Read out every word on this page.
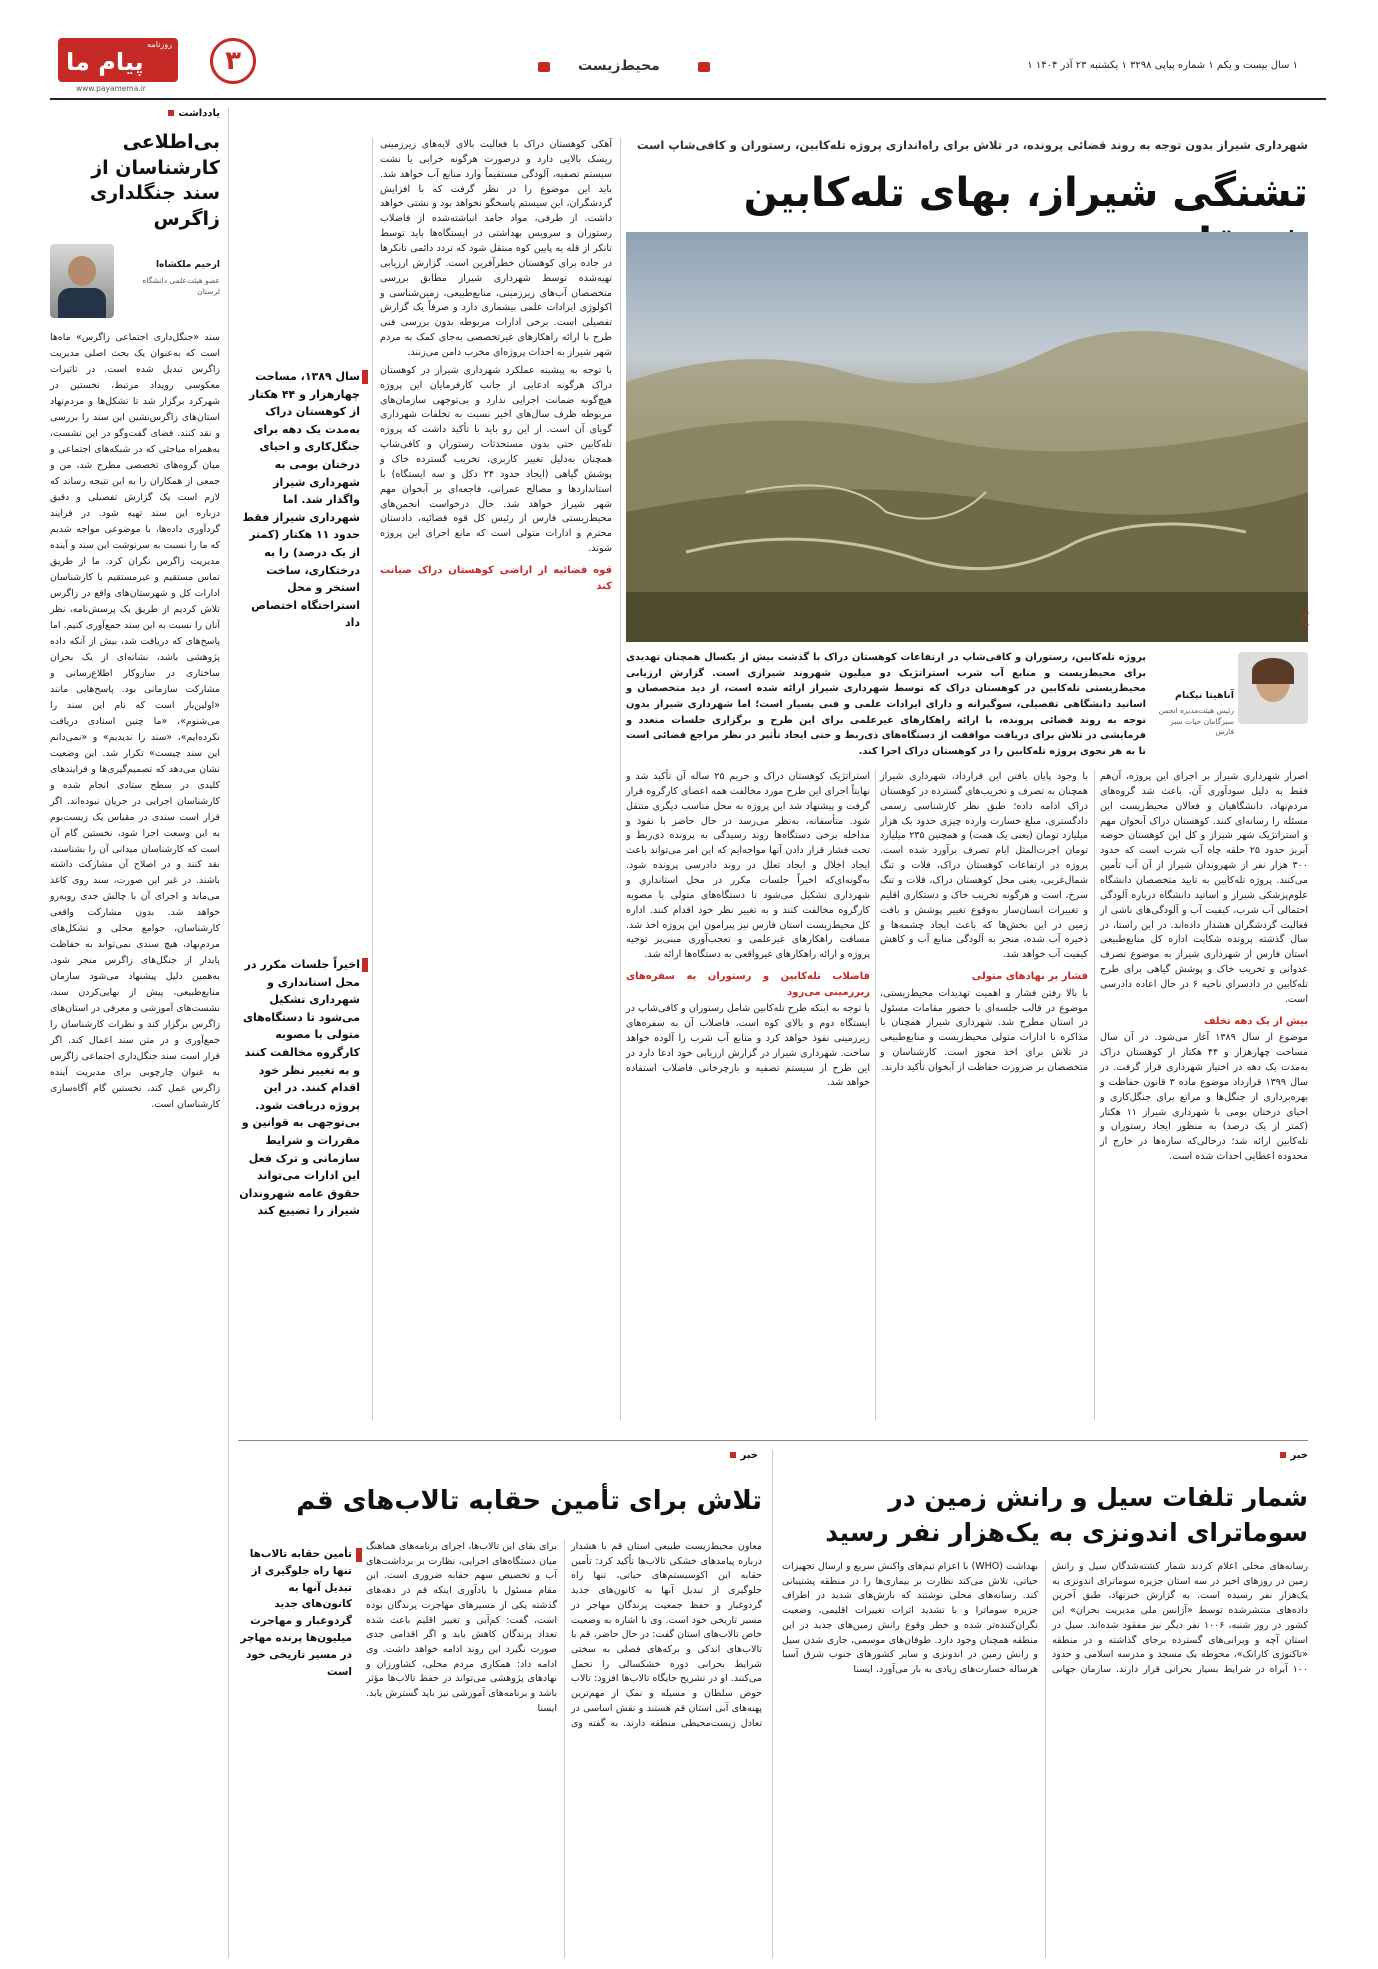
روزنامه
پیام ما
www.payamema.ir
۳	محیط‌زیست	۱ سال بیست و یکم ۱ شماره پیاپی ۳۲۹۸ ۱ یکشنبه ۲۳ آذر ۱۴۰۴ ۱
یادداشت
بی‌اطلاعی کارشناسان از سند جنگلداری زاگرس
ارحیم ملکشاه‌ا
عضو هیئت‌علمی دانشگاه لرستان
سند «جنگل‌داری اجتماعی زاگرس» ماه‌ها است که به‌عنوان یک بحث اصلی مدیریت زاگرس تبدیل شده است. در تاثیرات معکوسی رویداد مرتبط، نخستین در شهرکرد برگزار شد تا تشکل‌ها و مردم‌نهاد استان‌های زاگرس‌نشین این سند را بررسی و نقد کنند. فضای گفت‌وگو در این نشست، به‌همراه مباحثی که در شبکه‌های اجتماعی و میان گروه‌های تخصصی مطرح شد، من و جمعی از همکاران را به این نتیجه رساند که لازم است یک گزارش تفصیلی و دقیق درباره این سند تهیه شود. در فرایند گردآوری داده‌ها، با موضوعی مواجه شدیم که ما را نسبت به سرنوشت این سند و آینده مدیریت زاگرس نگران کرد. ما از طریق تماس مستقیم و غیرمستقیم با کارشناسان ادارات کل و شهرستان‌های واقع در زاگرس تلاش کردیم از طریق یک پرسش‌نامه، نظر آنان را نسبت به این سند جمع‌آوری کنیم. اما پاسخ‌های که دریافت شد، بیش از آنکه داده پژوهشی باشد، نشانه‌ای از یک بحران ساختاری در سازوکار اطلاع‌رسانی و مشارکت سازمانی بود. پاسخ‌هایی مانند «اولین‌بار است که نام این سند را می‌شنوم»، «ما چنین اسنادی دریافت نکرده‌ایم»، «سند را ندیدیم» و «نمی‌دانم این سند چیست» تکرار شد. این وضعیت نشان می‌دهد که تصمیم‌گیری‌ها و فرایندهای کلیدی در سطح ستادی انجام شده و کارشناسان اجرایی در جریان نبوده‌اند. اگر قرار است سندی در مقیاس یک زیست‌بوم به این وسعت اجرا شود، نخستین گام آن است که کارشناسان میدانی آن را بشناسند، نقد کنند و در اصلاح آن مشارکت داشته باشند. در غیر این صورت، سند روی کاغذ می‌ماند و اجرای آن با چالش جدی روبه‌رو خواهد شد. بدون مشارکت واقعی کارشناسان، جوامع محلی و تشکل‌های مردم‌نهاد، هیچ سندی نمی‌تواند به حفاظت پایدار از جنگل‌های زاگرس منجر شود. به‌همین دلیل پیشنهاد می‌شود سازمان منابع‌طبیعی، پیش از نهایی‌کردن سند، نشست‌های آموزشی و معرفی در استان‌های زاگرس برگزار کند و نظرات کارشناسان را جمع‌آوری و در متن سند اعمال کند. اگر قرار است سند جنگل‌داری اجتماعی زاگرس به عنوان چارچوبی برای مدیریت آینده زاگرس عمل کند، نخستین گام آگاه‌سازی کارشناسان است.
شهرداری شیراز بدون توجه به روند قضائی پرونده، در تلاش برای راه‌اندازی پروژه تله‌کابین، رستوران و کافی‌شاپ است
تشنگی شیراز، بهای تله‌کابین
ایرنا
پروژه تله‌کابین، رستوران و کافی‌شاپ در ارتفاعات کوهستان دراک با گذشت بیش از یکسال همچنان تهدیدی برای محیط‌زیست و منابع آب شرب استراتژیک دو میلیون شهروند شیرازی است. گزارش ارزیابی محیط‌زیستی تله‌کابین در کوهستان دراک که توسط شهرداری شیراز ارائه شده است، از دید متخصصان و اساتید دانشگاهی تفصیلی، سوگیرانه و دارای ایرادات علمی و فنی بسیار است؛ اما شهرداری شیراز بدون توجه به روند قضائی پرونده، با ارائه راهکارهای غیرعلمی برای این طرح و برگزاری جلسات متعدد و فرمایشی در تلاش برای دریافت موافقت از دستگاه‌های ذی‌ربط و حتی ایجاد تأثیر در نظر مراجع قضائی است تا به هر نحوی پروژه تله‌کابین را در کوهستان دراک اجرا کند.
آناهیتا نیکنام
رئیس هیئت‌مدیره انجمن سبزگامان حیات سبز فارس

اصرار شهرداری شیراز بر اجرای این پروژه، آن‌هم فقط به دلیل سودآوری آن، باعث شد گروه‌های مردم‌نهاد، دانشگاهیان و فعالان محیط‌زیست این مسئله را رسانه‌ای کنند. کوهستان دراک آبخوان مهم و استراتژیک شهر شیراز و کل این کوهستان حوضه آبریز حدود ۲۵ حلقه چاه آب شرب است که حدود ۳۰۰ هزار نفر از شهروندان شیراز از آن آب تأمین می‌کنند. پروژه تله‌کابین به تایید متخصصان دانشگاه علوم‌پزشکی شیراز و اساتید دانشگاه درباره آلودگی احتمالی آب شرب، کیفیت آب و آلودگی‌های ناشی از فعالیت گردشگران هشدار داده‌اند. در این راستا، در سال گذشته پرونده شکایت اداره کل منابع‌طبیعی استان فارس از شهرداری شیراز به موضوع تصرف عدوانی و تخریب خاک و پوشش گیاهی برای طرح تله‌کابین در دادسرای ناحیه ۶ در حال اعاده دادرسی است.

بیش از یک دهه تخلف

موضوع از سال ۱۳۸۹ آغاز می‌شود. در آن سال مساحت چهارهزار و ۴۴ هکتار از کوهستان دراک به‌مدت یک دهه در اختیار شهرداری قرار گرفت. در سال ۱۳۹۹ قرارداد موضوع ماده ۳ قانون حفاظت و بهره‌برداری از جنگل‌ها و مراتع برای جنگل‌کاری و احیای درختان بومی با شهرداری شیراز ۱۱ هکتار (کمتر از یک درصد) به منظور ایجاد رستوران و تله‌کابین ارائه شد؛ درحالی‌که سازه‌ها در خارج از محدوده اعطایی احداث شده است.

با وجود پایان یافتن این قرارداد، شهرداری شیراز همچنان به تصرف و تخریب‌های گسترده در کوهستان دراک ادامه داده؛ طبق نظر کارشناسی رسمی دادگستری، مبلغ خسارت وارده چیزی حدود یک هزار میلیارد تومان (یعنی یک همت) و همچنین ۲۳۵ میلیارد تومان اجرت‌المثل ایام تصرف برآورد شده است. پروژه در ارتفاعات کوهستان دراک، قلات و تنگ شمال‌غربی، یعنی محل کوهستان دراک، قلات و تنگ سرخ، است و هرگونه تخریب خاک و دستکاری اقلیم و تغییرات انسان‌ساز به‌وقوع تغییر پوشش و بافت زمین در این بخش‌ها که باعث ایجاد چشمه‌ها و ذخیره آب شده، منجر به آلودگی منابع آب و کاهش کیفیت آب خواهد شد.

فشار بر نهادهای متولی

با بالا رفتن فشار و اهمیت تهدیدات محیط‌زیستی، موضوع در قالب جلسه‌ای با حضور مقامات مسئول در استان مطرح شد. شهرداری شیراز همچنان با مذاکره با ادارات متولی محیط‌زیست و منابع‌طبیعی در تلاش برای اخذ مجوز است. کارشناسان و متخصصان بر ضرورت حفاظت از آبخوان تأکید دارند.

استراتژیک کوهستان دراک و حریم ۲۵ ساله آن تأکید شد و نهایتاً اجرای این طرح مورد مخالفت همه اعضای کارگروه قرار گرفت و پیشنهاد شد این پروژه به محل مناسب دیگری منتقل شود. متأسفانه، به‌نظر می‌رسد در حال حاضر با نفوذ و مداخله برخی دستگاه‌ها روند رسیدگی به پرونده ذی‌ربط و تحت فشار قرار دادن آنها مواجه‌ایم که این امر می‌تواند باعث ایجاد اخلال و ایجاد تعلل در روند دادرسی پرونده شود. به‌گونه‌ای‌که اخیراً جلسات مکرر در محل استانداری و شهرداری تشکیل می‌شود تا دستگاه‌های متولی با مصوبه کارگروه مخالفت کنند و به تغییر نظر خود اقدام کنند. اداره کل محیط‌زیست استان فارس نیز پیرامون این پروژه اخذ شد. مسافت راهکارهای غیرعلمی و تعجب‌آوری مبنی‌بر توجیه پروژه و ارائه راهکارهای غیرواقعی به دستگاه‌ها ارائه شد.

فاضلاب تله‌کابین و رستوران به سفره‌های زیرزمینی می‌رود

با توجه به اینکه طرح تله‌کابین شامل رستوران و کافی‌شاپ در ایستگاه دوم و بالای کوه است، فاضلاب آن به سفره‌های زیرزمینی نفوذ خواهد کرد و منابع آب شرب را آلوده خواهد ساخت. شهرداری شیراز در گزارش ارزیابی خود ادعا دارد در این طرح از سیستم تصفیه و بازچرخانی فاضلاب استفاده خواهد شد.

آهکی کوهستان دراک با فعالیت بالای لایه‌های زیرزمینی ریسک بالایی دارد و درصورت هرگونه خرابی یا نشت سیستم تصفیه، آلودگی مستقیماً وارد منابع آب خواهد شد. باید این موضوع را در نظر گرفت که با افزایش گردشگران، این سیستم پاسخگو نخواهد بود و نشتی خواهد داشت. از طرفی، مواد جامد انباشته‌شده از فاضلاب رستوران و سرویس بهداشتی در ایستگاه‌ها باید توسط تانکر از قله به پایین کوه منتقل شود که تردد دائمی تانکرها در جاده برای کوهستان خطرآفرین است. گزارش ارزیابی تهیه‌شده توسط شهرداری شیراز مطابق بررسی متخصصان آب‌های زیرزمینی، منابع‌طبیعی، زمین‌شناسی و اکولوژی ایرادات علمی بیشماری دارد و صرفاً یک گزارش تفصیلی است. برخی ادارات مربوطه بدون بررسی فنی طرح با ارائه راهکارهای غیرتخصصی به‌جای کمک به مردم شهر شیراز به احداث پروژه‌ای مخرب دامن می‌زنند.

با توجه به پیشینه عملکرد شهرداری شیراز در کوهستان دراک هرگونه ادعایی از جانب کارفرمایان این پروژه هیچ‌گونه ضمانت اجرایی ندارد و بی‌توجهی سازمان‌های مربوطه ظرف سال‌های اخیر نسبت به تخلفات شهرداری گویای آن است. از این رو باید با تأکید داشت که پروژه تله‌کابین حتی بدون مستحدثات رستوران و کافی‌شاپ همچنان به‌دلیل تغییر کاربری، تخریب گسترده خاک و پوشش گیاهی (ایجاد حدود ۲۴ دکل و سه ایستگاه) با استانداردها و مصالح عمرانی، فاجعه‌ای بر آبخوان مهم شهر شیراز خواهد شد. حال درخواست انجمن‌های محیط‌زیستی فارس از رئیس کل قوه قضائیه، دادستان محترم و ادارات متولی است که مانع اجرای این پروژه شوند.

قوه قضائیه از اراضی کوهستان دراک صیانت کند
سال ۱۳۸۹، مساحت چهارهزار و ۴۴ هکتار از کوهستان دراک به‌مدت یک دهه برای جنگل‌کاری و احیای درختان بومی به شهرداری شیراز واگذار شد. اما شهرداری شیراز فقط حدود ۱۱ هکتار (کمتر از یک درصد) را به درختکاری، ساخت استخر و محل استراحتگاه اختصاص داد
اخیراً جلسات مکرر در محل استانداری و شهرداری تشکیل می‌شود تا دستگاه‌های متولی با مصوبه کارگروه مخالفت کنند و به تغییر نظر خود اقدام کنند. در این پروژه دریافت شود. بی‌توجهی به قوانین و مقررات و شرایط سازمانی و ترک فعل این ادارات می‌تواند حقوق عامه شهروندان شیراز را تضییع کند
خبر
شمار تلفات سیل و رانش زمین در سوماترای اندونزی به یک‌هزار نفر رسید
رسانه‌های محلی اعلام کردند شمار کشته‌شدگان سیل و رانش زمین در روزهای اخیر در سه استان جزیره سوماترای اندونزی به یک‌هزار نفر رسیده است. به گزارش خبرنهاد، طبق آخرین داده‌های منتشرشده توسط «آژانس ملی مدیریت بحران» این کشور در روز شنبه، ۱۰۰۶ نفر دیگر نیز مفقود شده‌اند. سیل در استان آچه و ویرانی‌های گسترده برجای گذاشته و در منطقه «تاکنوژی کارانک»، محوطه یک مسجد و مدرسه اسلامی و حدود ۱۰۰ آبراه در شرایط بسیار بحرانی قرار دارند. سازمان جهانی بهداشت (WHO) با اعزام تیم‌های واکنش سریع و ارسال تجهیزات حیاتی، تلاش می‌کند نظارت بر بیماری‌ها را در منطقه پشتیبانی کند. رسانه‌های محلی نوشتند که بارش‌های شدید در اطراف جزیره سوماترا و با تشدید اثرات تغییرات اقلیمی، وضعیت نگران‌کننده‌تر شده و خطر وقوع رانش زمین‌های جدید در این منطقه همچنان وجود دارد. طوفان‌های موسمی، جاری شدن سیل و رانش زمین در اندونزی و سایر کشورهای جنوب شرق آسیا هرساله خسارت‌های زیادی به بار می‌آورد. ایسنا
خبر
تلاش برای تأمین حقابه تالاب‌های قم
تأمین حقابه تالاب‌ها تنها راه جلوگیری از تبدیل آنها به کانون‌های جدید گردوغبار و مهاجرت میلیون‌ها پرنده مهاجر در مسیر تاریخی خود است
معاون محیط‌زیست طبیعی استان قم با هشدار درباره پیامدهای خشکی تالاب‌ها تأکید کرد: تأمین حقابه این اکوسیستم‌های حیاتی، تنها راه جلوگیری از تبدیل آنها به کانون‌های جدید گردوغبار و حفظ جمعیت پرندگان مهاجر در مسیر تاریخی خود است. وی با اشاره به وضعیت خاص تالاب‌های استان گفت: در حال حاضر، قم با تالاب‌های اندکی و برکه‌های فصلی به سختی شرایط بحرانی دوره خشکسالی را تحمل می‌کنند. او در تشریح جایگاه تالاب‌ها افزود: تالاب حوض سلطان و مسیله و نمک از مهم‌ترین پهنه‌های آبی استان قم هستند و نقش اساسی در تعادل زیست‌محیطی منطقه دارند. به گفته وی برای بقای این تالاب‌ها، اجرای برنامه‌های هماهنگ میان دستگاه‌های اجرایی، نظارت بر برداشت‌های آب و تخصیص سهم حقابه ضروری است. این مقام مسئول با یادآوری اینکه قم در دهه‌های گذشته یکی از مسیرهای مهاجرت پرندگان بوده است، گفت: کم‌آبی و تغییر اقلیم باعث شده تعداد پرندگان کاهش یابد و اگر اقدامی جدی صورت نگیرد این روند ادامه خواهد داشت. وی ادامه داد: همکاری مردم محلی، کشاورزان و نهادهای پژوهشی می‌تواند در حفظ تالاب‌ها مؤثر باشد و برنامه‌های آموزشی نیز باید گسترش یابد. ایسنا
